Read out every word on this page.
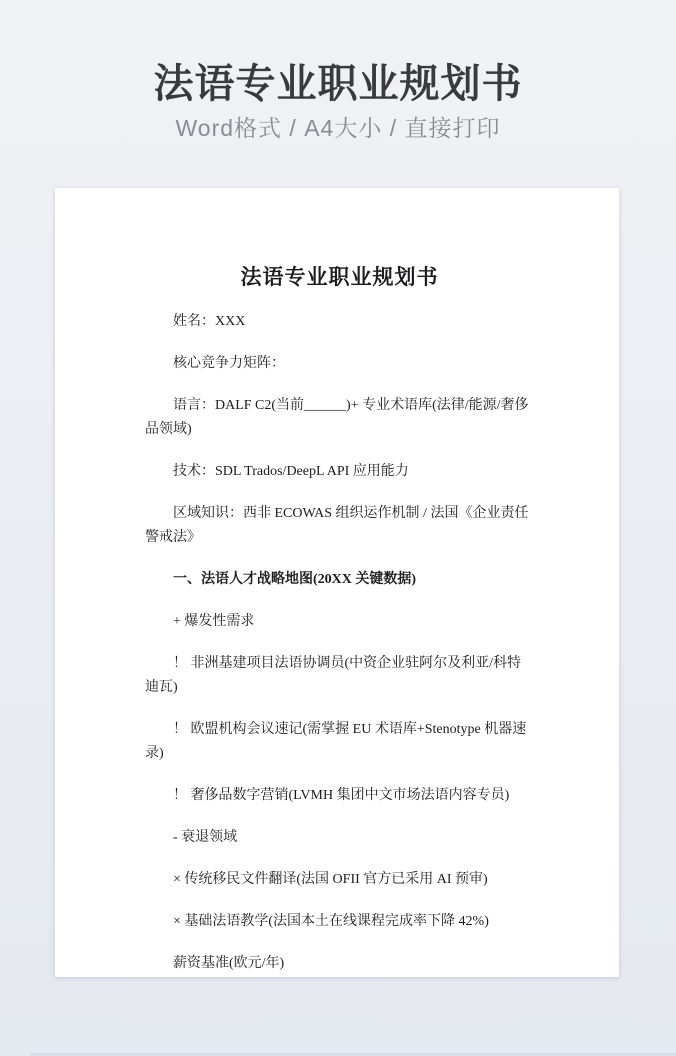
法语专业职业规划书
Word格式 / A4大小 / 直接打印
法语专业职业规划书

姓名：XXX

核心竞争力矩阵：

语言：DALF C2(当前______)+ 专业术语库(法律/能源/奢侈品领域)

技术：SDL Trados/DeepL API 应用能力

区域知识：西非 ECOWAS 组织运作机制 / 法国《企业责任警戒法》

一、法语人才战略地图(20XX 关键数据)

+ 爆发性需求

！ 非洲基建项目法语协调员(中资企业驻阿尔及利亚/科特迪瓦)

！ 欧盟机构会议速记(需掌握 EU 术语库+Stenotype 机器速录)

！ 奢侈品数字营销(LVMH 集团中文市场法语内容专员)

- 衰退领域

× 传统移民文件翻译(法国 OFII 官方已采用 AI 预审)

× 基础法语教学(法国本土在线课程完成率下降 42%)

薪资基准(欧元/年)
